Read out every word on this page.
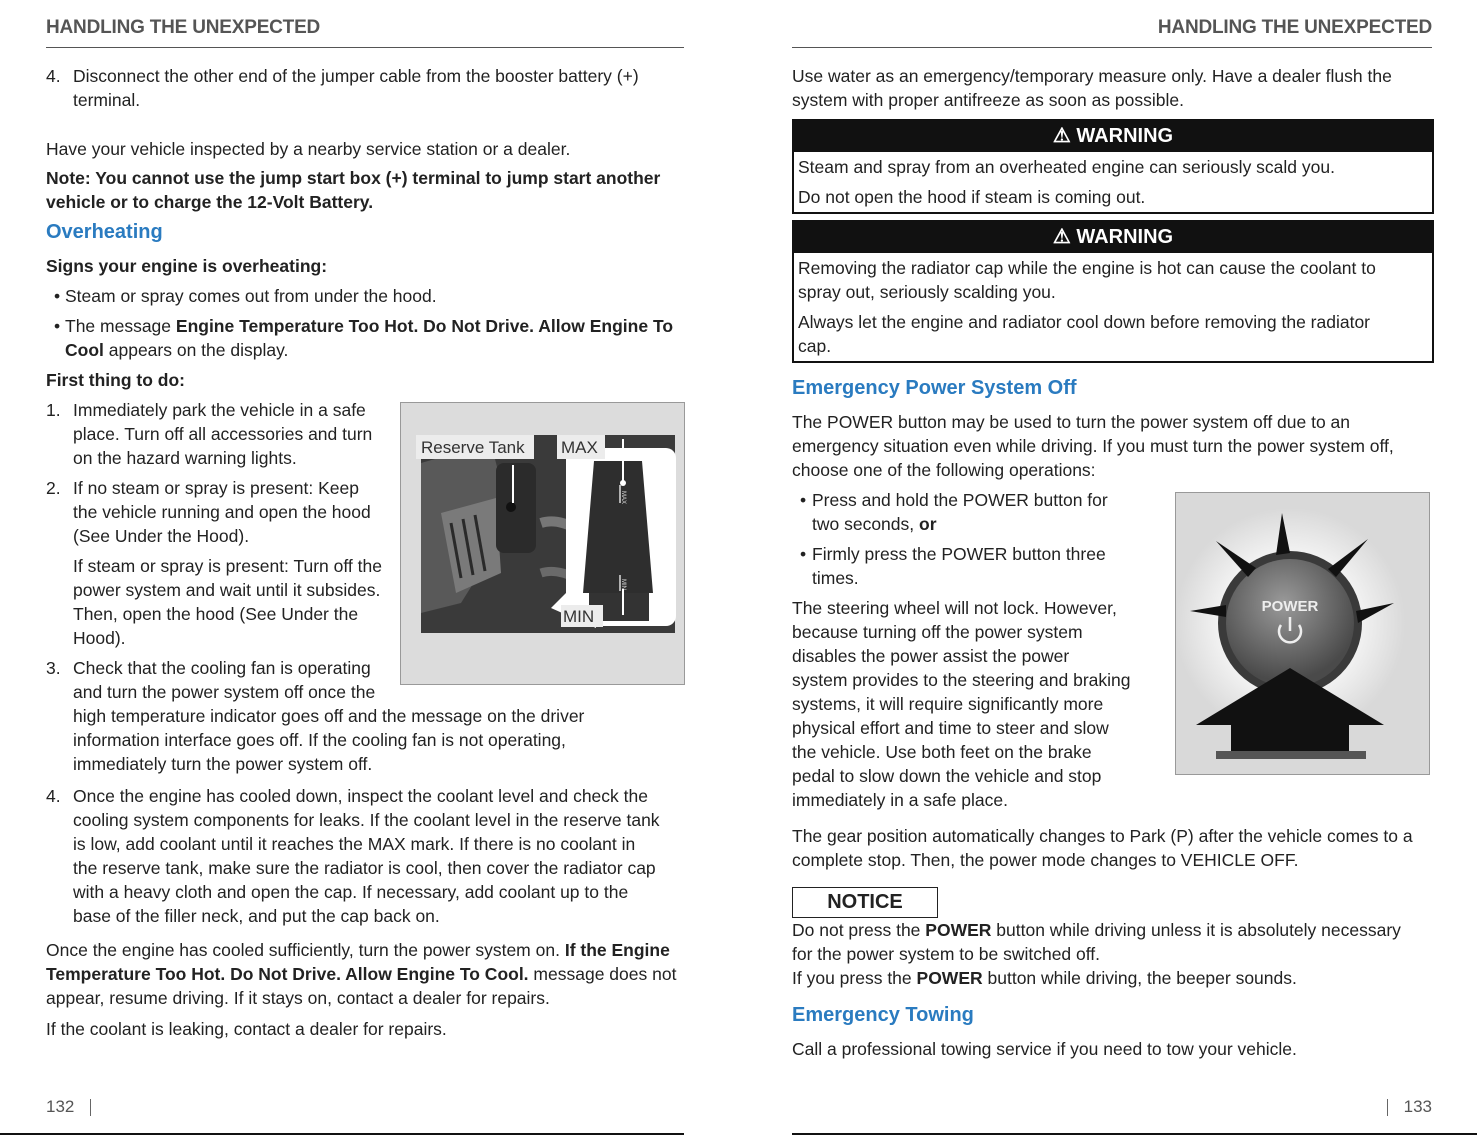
HANDLING THE UNEXPECTED
4. Disconnect the other end of the jumper cable from the booster battery (+)
terminal.
Have your vehicle inspected by a nearby service station or a dealer.
Note: You cannot use the jump start box (+) terminal to jump start another
vehicle or to charge the 12-Volt Battery.
Overheating
Signs your engine is overheating:
• Steam or spray comes out from under the hood.
• The message Engine Temperature Too Hot. Do Not Drive. Allow Engine To
Cool appears on the display.
First thing to do:
1. Immediately park the vehicle in a safe
place. Turn off all accessories and turn
on the hazard warning lights.
2. If no steam or spray is present: Keep
the vehicle running and open the hood
(See Under the Hood).
If steam or spray is present: Turn off the
power system and wait until it subsides.
Then, open the hood (See Under the
Hood).
3. Check that the cooling fan is operating
and turn the power system off once the
high temperature indicator goes off and the message on the driver
information interface goes off. If the cooling fan is not operating,
immediately turn the power system off.
4. Once the engine has cooled down, inspect the coolant level and check the
cooling system components for leaks. If the coolant level in the reserve tank
is low, add coolant until it reaches the MAX mark. If there is no coolant in
the reserve tank, make sure the radiator is cool, then cover the radiator cap
with a heavy cloth and open the cap. If necessary, add coolant up to the
base of the filler neck, and put the cap back on.
Once the engine has cooled sufficiently, turn the power system on. If the Engine
Temperature Too Hot. Do Not Drive. Allow Engine To Cool. message does not
appear, resume driving. If it stays on, contact a dealer for repairs.
If the coolant is leaking, contact a dealer for repairs.
MAX
MIN
Reserve Tank MAX
MIN
132
HANDLING THE UNEXPECTED
Use water as an emergency/temporary measure only. Have a dealer flush the
system with proper antifreeze as soon as possible.
⚠ WARNING
Steam and spray from an overheated engine can seriously scald you.
Do not open the hood if steam is coming out.
⚠ WARNING
Removing the radiator cap while the engine is hot can cause the coolant to
spray out, seriously scalding you.
Always let the engine and radiator cool down before removing the radiator
cap.
Emergency Power System Off
The POWER button may be used to turn the power system off due to an
emergency situation even while driving. If you must turn the power system off,
choose one of the following operations:
• Press and hold the POWER button for
two seconds, or
• Firmly press the POWER button three
times.
The steering wheel will not lock. However,
because turning off the power system
disables the power assist the power
system provides to the steering and braking
systems, it will require significantly more
physical effort and time to steer and slow
the vehicle. Use both feet on the brake
pedal to slow down the vehicle and stop
immediately in a safe place.
POWER
The gear position automatically changes to Park (P) after the vehicle comes to a
complete stop. Then, the power mode changes to VEHICLE OFF.
NOTICE
Do not press the POWER button while driving unless it is absolutely necessary
for the power system to be switched off.
If you press the POWER button while driving, the beeper sounds.
Emergency Towing
Call a professional towing service if you need to tow your vehicle.
133
